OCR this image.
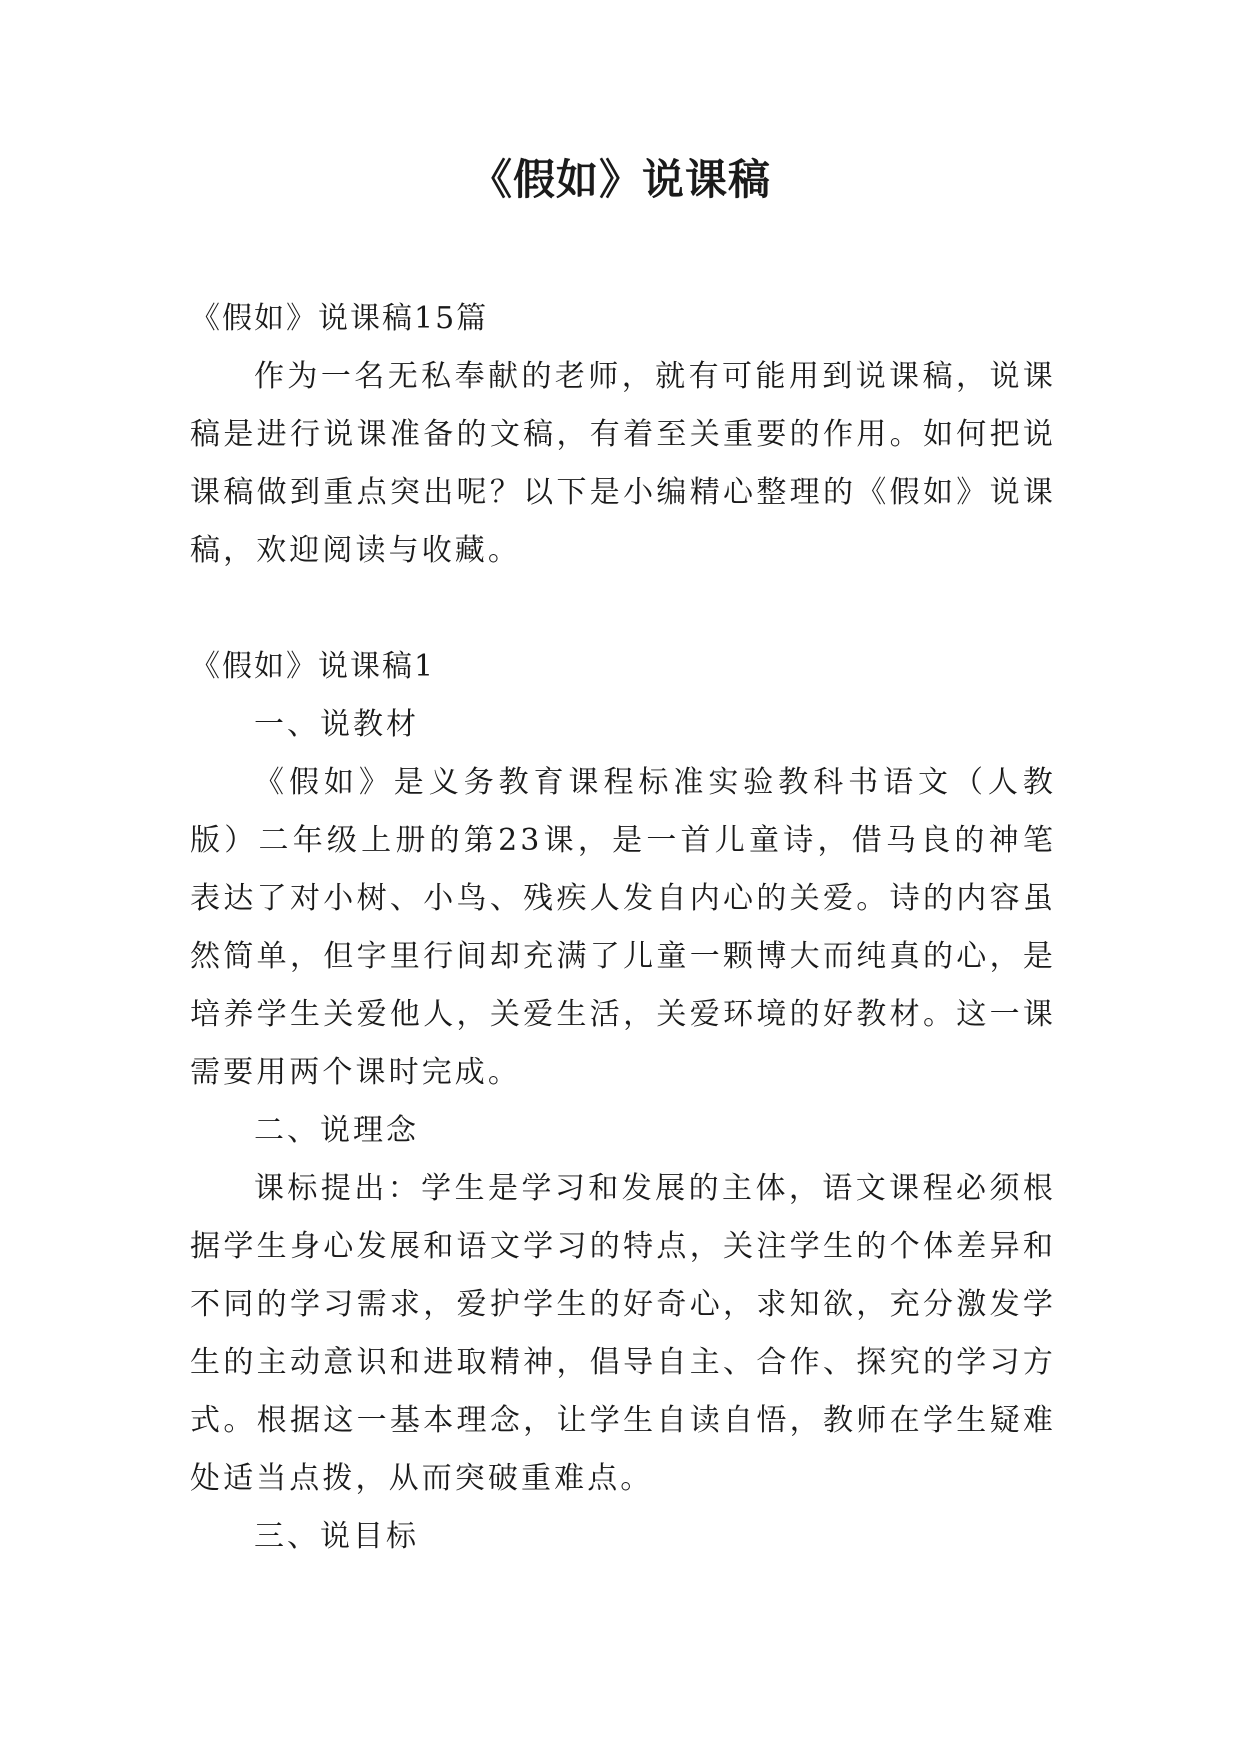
《假如》说课稿

《假如》说课稿15篇

作为一名无私奉献的老师，就有可能用到说课稿，说课稿是进行说课准备的文稿，有着至关重要的作用。如何把说课稿做到重点突出呢？以下是小编精心整理的《假如》说课稿，欢迎阅读与收藏。

《假如》说课稿1

一、说教材

《假如》是义务教育课程标准实验教科书语文（人教版）二年级上册的第23课，是一首儿童诗，借马良的神笔表达了对小树、小鸟、残疾人发自内心的关爱。诗的内容虽然简单，但字里行间却充满了儿童一颗博大而纯真的心，是培养学生关爱他人，关爱生活，关爱环境的好教材。这一课需要用两个课时完成。

二、说理念

课标提出：学生是学习和发展的主体，语文课程必须根据学生身心发展和语文学习的特点，关注学生的个体差异和不同的学习需求，爱护学生的好奇心，求知欲，充分激发学生的主动意识和进取精神，倡导自主、合作、探究的学习方式。根据这一基本理念，让学生自读自悟，教师在学生疑难处适当点拨，从而突破重难点。

三、说目标
